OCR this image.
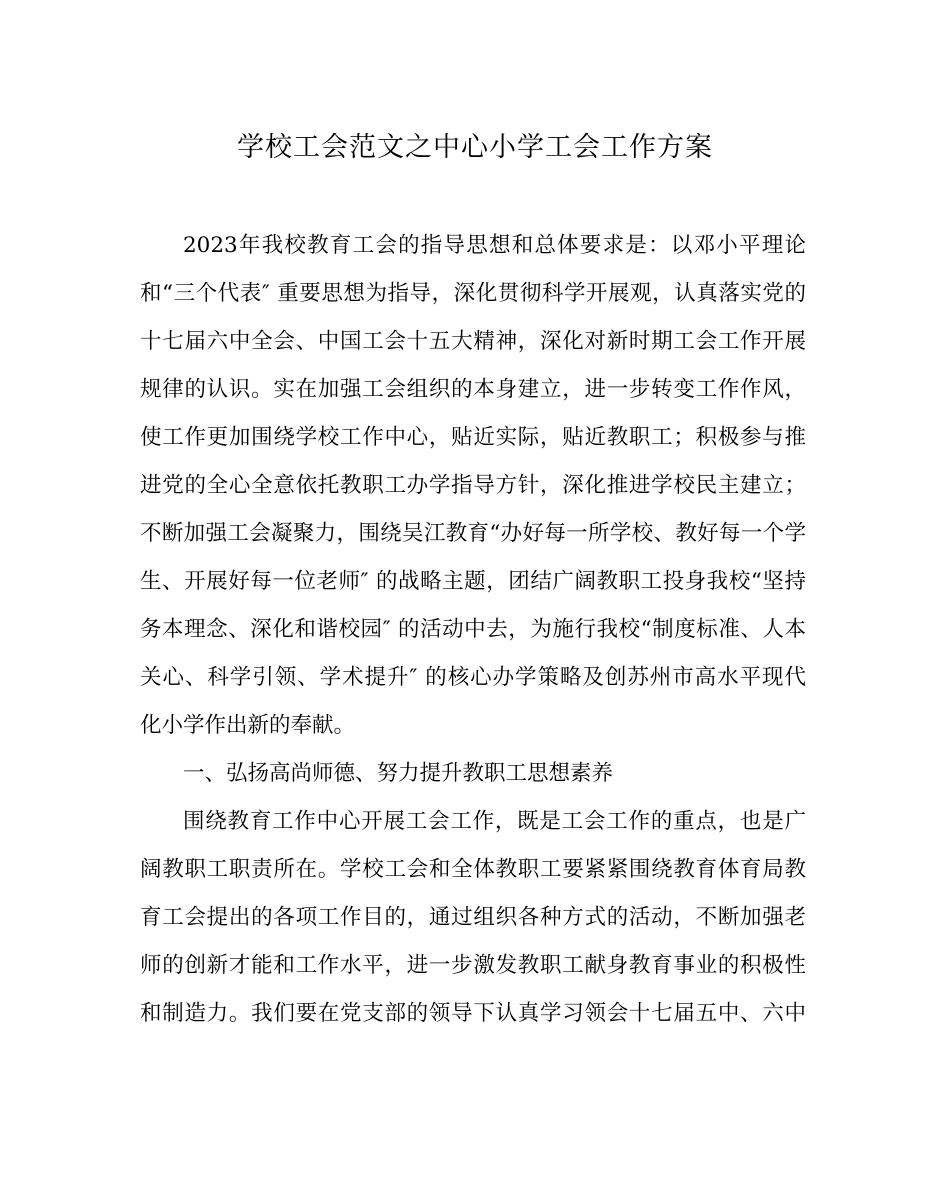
学校工会范文之中心小学工会工作方案
2023年我校教育工会的指导思想和总体要求是：以邓小平理论
和“三个代表″ 重要思想为指导，深化贯彻科学开展观，认真落实党的
十七届六中全会、中国工会十五大精神，深化对新时期工会工作开展
规律的认识。实在加强工会组织的本身建立，进一步转变工作作风，
使工作更加围绕学校工作中心，贴近实际，贴近教职工；积极参与推
进党的全心全意依托教职工办学指导方针，深化推进学校民主建立；
不断加强工会凝聚力，围绕吴江教育“办好每一所学校、教好每一个学
生、开展好每一位老师″ 的战略主题，团结广阔教职工投身我校“坚持
务本理念、深化和谐校园″ 的活动中去，为施行我校“制度标准、人本
关心、科学引领、学术提升″ 的核心办学策略及创苏州市高水平现代
化小学作出新的奉献。
一、弘扬高尚师德、努力提升教职工思想素养
围绕教育工作中心开展工会工作，既是工会工作的重点，也是广
阔教职工职责所在。学校工会和全体教职工要紧紧围绕教育体育局教
育工会提出的各项工作目的，通过组织各种方式的活动，不断加强老
师的创新才能和工作水平，进一步激发教职工献身教育事业的积极性
和制造力。我们要在党支部的领导下认真学习领会十七届五中、六中
